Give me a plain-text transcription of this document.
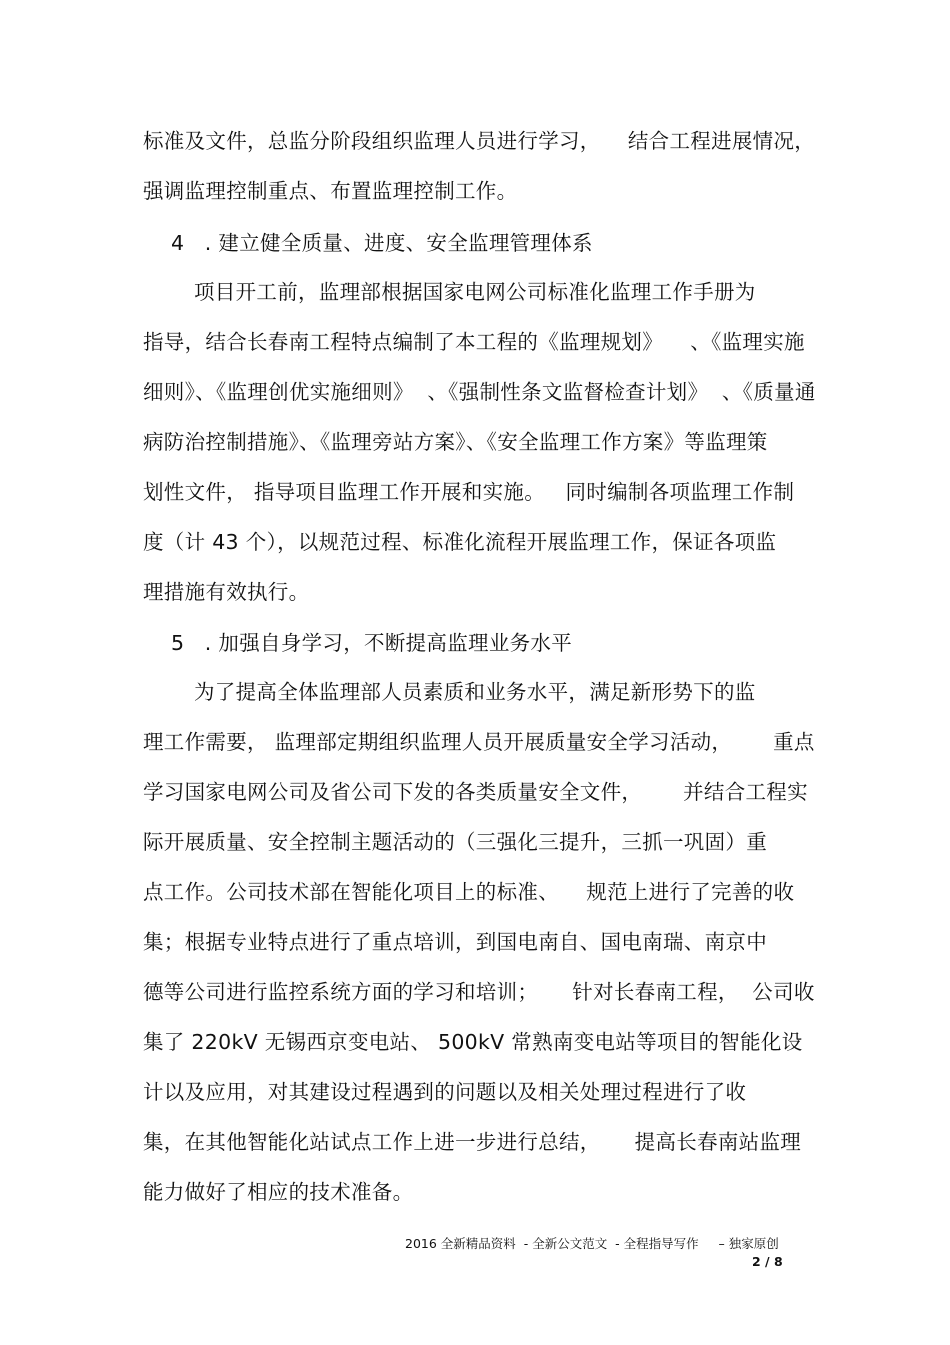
标准及文件，总监分阶段组织监理人员进行学习，    结合工程进展情况，
强调监理控制重点、布置监理控制工作。
4   . 建立健全质量、进度、安全监理管理体系
项目开工前，监理部根据国家电网公司标准化监理工作手册为
指导，结合长春南工程特点编制了本工程的《监理规划》    、《监理实施
细则》、《监理创优实施细则》  、《强制性条文监督检查计划》  、《质量通
病防治控制措施》、《监理旁站方案》、《安全监理工作方案》等监理策
划性文件， 指导项目监理工作开展和实施。   同时编制各项监理工作制
度（计 43 个），以规范过程、标准化流程开展监理工作，保证各项监
理措施有效执行。
5   . 加强自身学习，不断提高监理业务水平
为了提高全体监理部人员素质和业务水平，满足新形势下的监
理工作需要， 监理部定期组织监理人员开展质量安全学习活动，      重点
学习国家电网公司及省公司下发的各类质量安全文件，      并结合工程实
际开展质量、安全控制主题活动的（三强化三提升，三抓一巩固）重
点工作。公司技术部在智能化项目上的标准、    规范上进行了完善的收
集；根据专业特点进行了重点培训，到国电南自、国电南瑞、南京中
德等公司进行监控系统方面的学习和培训；     针对长春南工程，  公司收
集了 220kV 无锡西京变电站、 500kV 常熟南变电站等项目的智能化设
计以及应用，对其建设过程遇到的问题以及相关处理过程进行了收
集，在其他智能化站试点工作上进一步进行总结，     提高长春南站监理
能力做好了相应的技术准备。
2016 全新精品资料  - 全新公文范文  - 全程指导写作     – 独家原创
2 / 8
